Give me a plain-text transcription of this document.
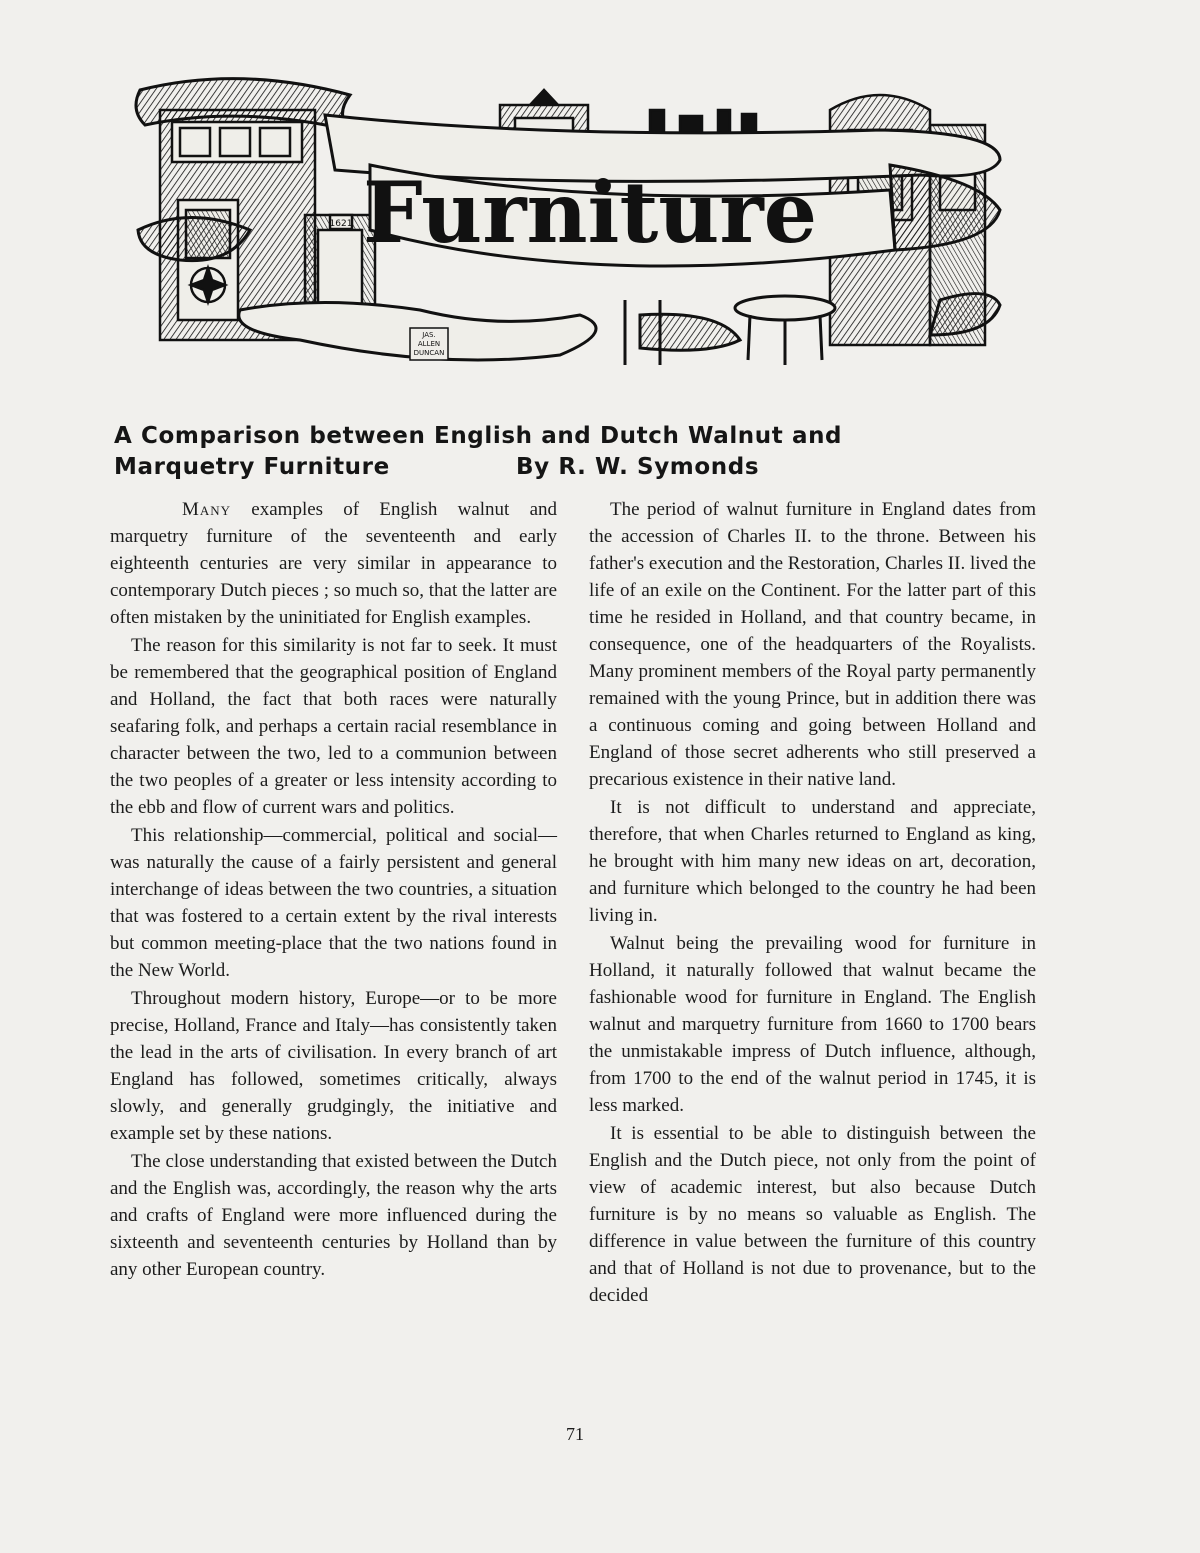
1621 Furniture
JAS.
ALLEN
DUNCAN
A Comparison between English and Dutch Walnut and
Marquetry Furniture	By R. W. Symonds

Many examples of English walnut and marquetry furniture of the seventeenth and early eighteenth centuries are very similar in appearance to contemporary Dutch pieces ; so much so, that the latter are often mistaken by the uninitiated for English examples.

The reason for this similarity is not far to seek. It must be remembered that the geographical position of England and Holland, the fact that both races were naturally seafaring folk, and perhaps a certain racial resemblance in character between the two, led to a communion between the two peoples of a greater or less intensity according to the ebb and flow of current wars and politics.

This relationship—commercial, political and social—was naturally the cause of a fairly persistent and general interchange of ideas between the two countries, a situation that was fostered to a certain extent by the rival interests but common meeting-place that the two nations found in the New World.

Throughout modern history, Europe—or to be more precise, Holland, France and Italy—has consistently taken the lead in the arts of civilisation. In every branch of art England has followed, sometimes critically, always slowly, and generally grudgingly, the initiative and example set by these nations.

The close understanding that existed between the Dutch and the English was, accordingly, the reason why the arts and crafts of England were more influenced during the sixteenth and seventeenth centuries by Holland than by any other European country.

The period of walnut furniture in England dates from the accession of Charles II. to the throne. Between his father's execution and the Restoration, Charles II. lived the life of an exile on the Continent. For the latter part of this time he resided in Holland, and that country became, in consequence, one of the headquarters of the Royalists. Many prominent members of the Royal party permanently remained with the young Prince, but in addition there was a continuous coming and going between Holland and England of those secret adherents who still preserved a precarious existence in their native land.

It is not difficult to understand and appreciate, therefore, that when Charles returned to England as king, he brought with him many new ideas on art, decoration, and furniture which belonged to the country he had been living in.

Walnut being the prevailing wood for furniture in Holland, it naturally followed that walnut became the fashionable wood for furniture in England. The English walnut and marquetry furniture from 1660 to 1700 bears the unmistakable impress of Dutch influence, although, from 1700 to the end of the walnut period in 1745, it is less marked.

It is essential to be able to distinguish between the English and the Dutch piece, not only from the point of view of academic interest, but also because Dutch furniture is by no means so valuable as English. The difference in value between the furniture of this country and that of Holland is not due to provenance, but to the decided

71
